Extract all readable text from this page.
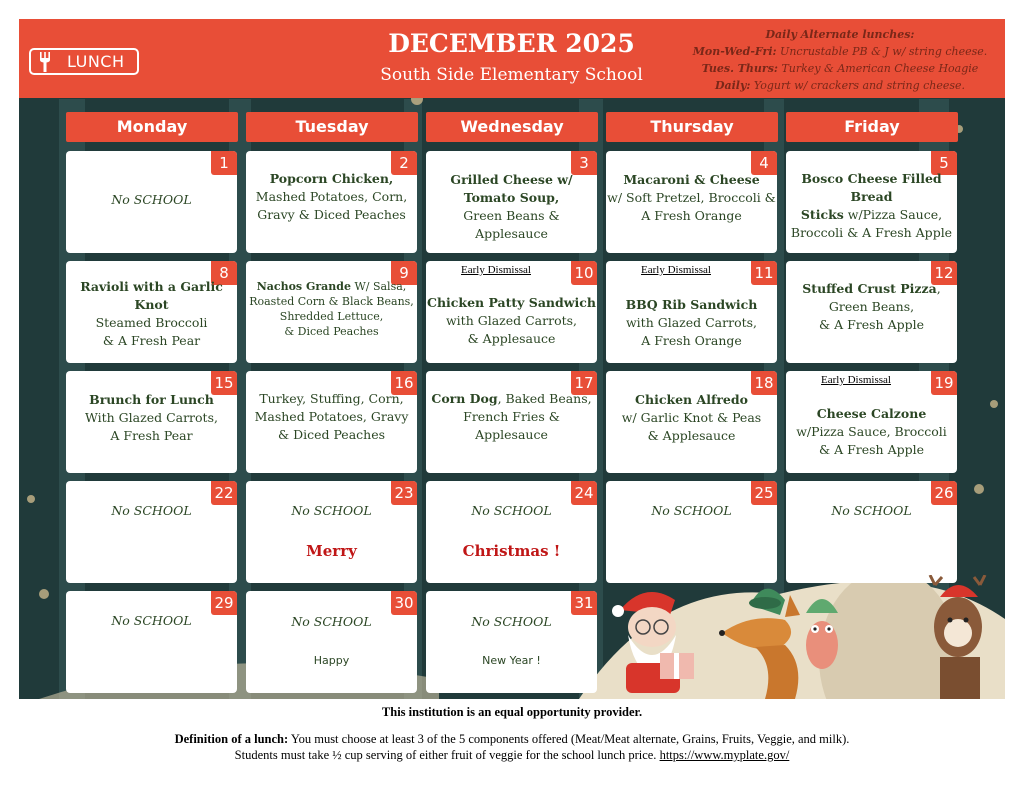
LUNCH
DECEMBER 2025
South Side Elementary School
Daily Alternate lunches:
Mon-Wed-Fri: Uncrustable PB & J w/ string cheese.
Tues. Thurs: Turkey & American Cheese Hoagie
Daily: Yogurt w/ crackers and string cheese.
Monday	Tuesday	Wednesday	Thursday	Friday
1
No SCHOOL
2
Popcorn Chicken,
Mashed Potatoes, Corn,
Gravy & Diced Peaches
3
Grilled Cheese w/
Tomato Soup,
Green Beans & Applesauce
4
Macaroni & Cheese
w/ Soft Pretzel, Broccoli &
A Fresh Orange
5
Bosco Cheese Filled Bread
Sticks w/Pizza Sauce,
Broccoli & A Fresh Apple
8
Ravioli with a Garlic Knot
Steamed Broccoli
& A Fresh Pear
9
Nachos Grande W/ Salsa,
Roasted Corn & Black Beans,
Shredded Lettuce,
& Diced Peaches
10
Early Dismissal
Chicken Patty Sandwich
with Glazed Carrots,
& Applesauce
11
Early Dismissal
BBQ Rib Sandwich
with Glazed Carrots,
A Fresh Orange
12
Stuffed Crust Pizza,
Green Beans,
& A Fresh Apple
15
Brunch for Lunch
With Glazed Carrots,
A Fresh Pear
16
Turkey, Stuffing, Corn,
Mashed Potatoes, Gravy
& Diced Peaches
17
Corn Dog, Baked Beans,
French Fries &
Applesauce
18
Chicken Alfredo
w/ Garlic Knot & Peas
& Applesauce
19
Early Dismissal
Cheese Calzone
w/Pizza Sauce, Broccoli
& A Fresh Apple
22
No SCHOOL
23
No SCHOOL
Merry
24
No SCHOOL
Christmas !
25
No SCHOOL
26
No SCHOOL
29
No SCHOOL
30
No SCHOOL
Happy
31
No SCHOOL
New Year !
This institution is an equal opportunity provider.
Definition of a lunch: You must choose at least 3 of the 5 components offered (Meat/Meat alternate, Grains, Fruits, Veggie, and milk).
Students must take ½ cup serving of either fruit of veggie for the school lunch price. https://www.myplate.gov/
